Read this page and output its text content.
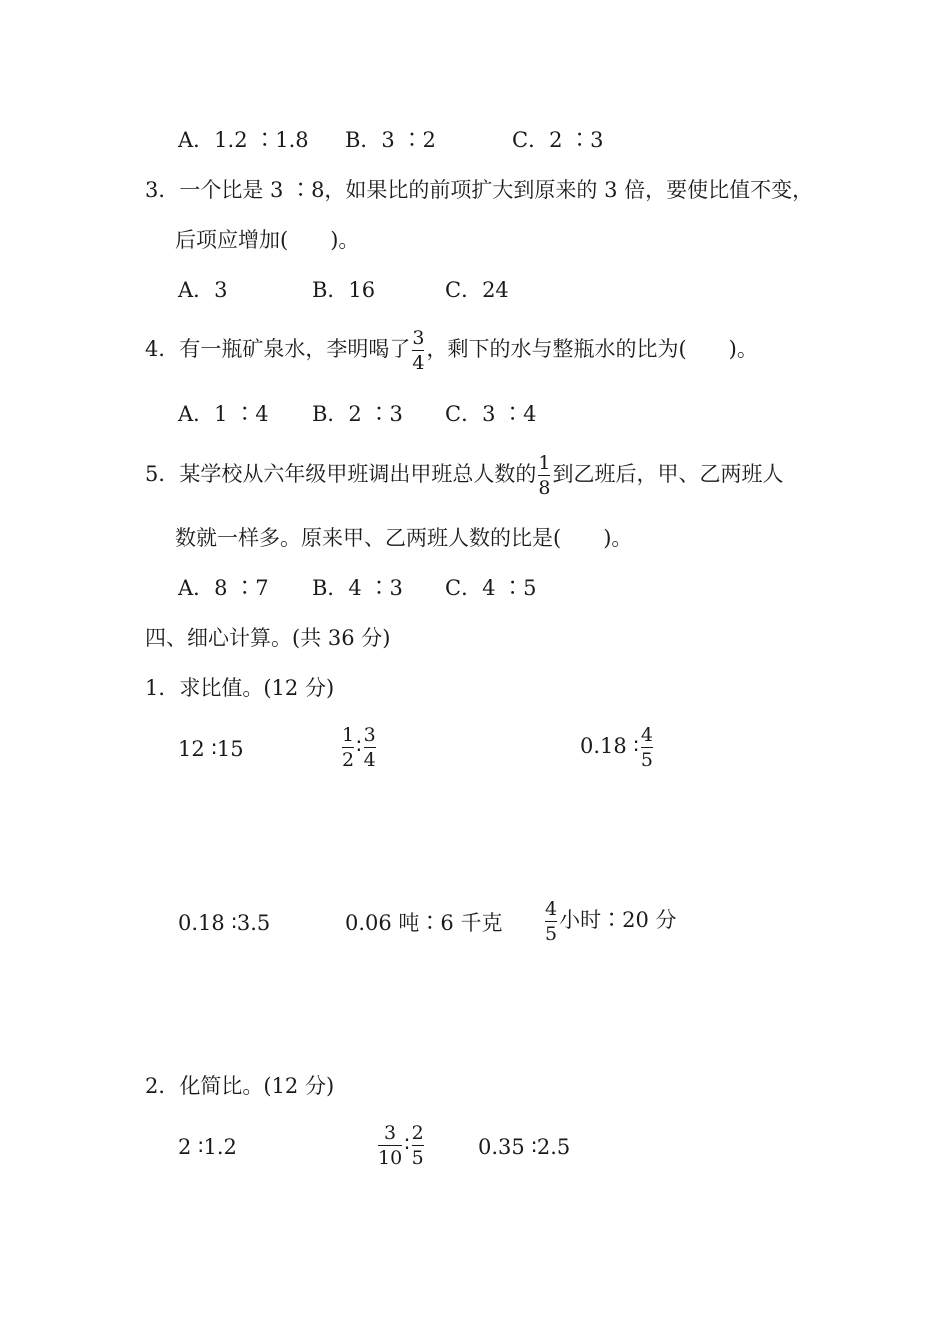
A．1.2 ∶1.8 B．3 ∶2	C．2 ∶3
3．一个比是 3 ∶8，如果比的前项扩大到原来的 3 倍，要使比值不变，
后项应增加(　　)。
A．3	B．16	C．24
4．有一瓶矿泉水，李明喝了 $\frac{3}{4}$ ，剩下的水与整瓶水的比为(　　)。
A．1 ∶4 B．2 ∶3 C．3 ∶4
5．某学校从六年级甲班调出甲班总人数的 $\frac{1}{8}$ 到乙班后，甲、乙两班人
数就一样多。原来甲、乙两班人数的比是(　　)。
A．8 ∶7 B．4 ∶3 C．4 ∶5
四、细心计算。(共 36 分)
1．求比值。(12 分)
12 ∶15	$\frac{1}{2}$ ∶ $\frac{3}{4}$	0.18 ∶ $\frac{4}{5}$
0.18 ∶3.5	0.06 吨∶6 千克 $\frac{4}{5}$ 小时∶20 分
2．化简比。(12 分)
2 ∶1.2	$\frac{3}{10}$ ∶ $\frac{2}{5}$	0.35 ∶2.5
